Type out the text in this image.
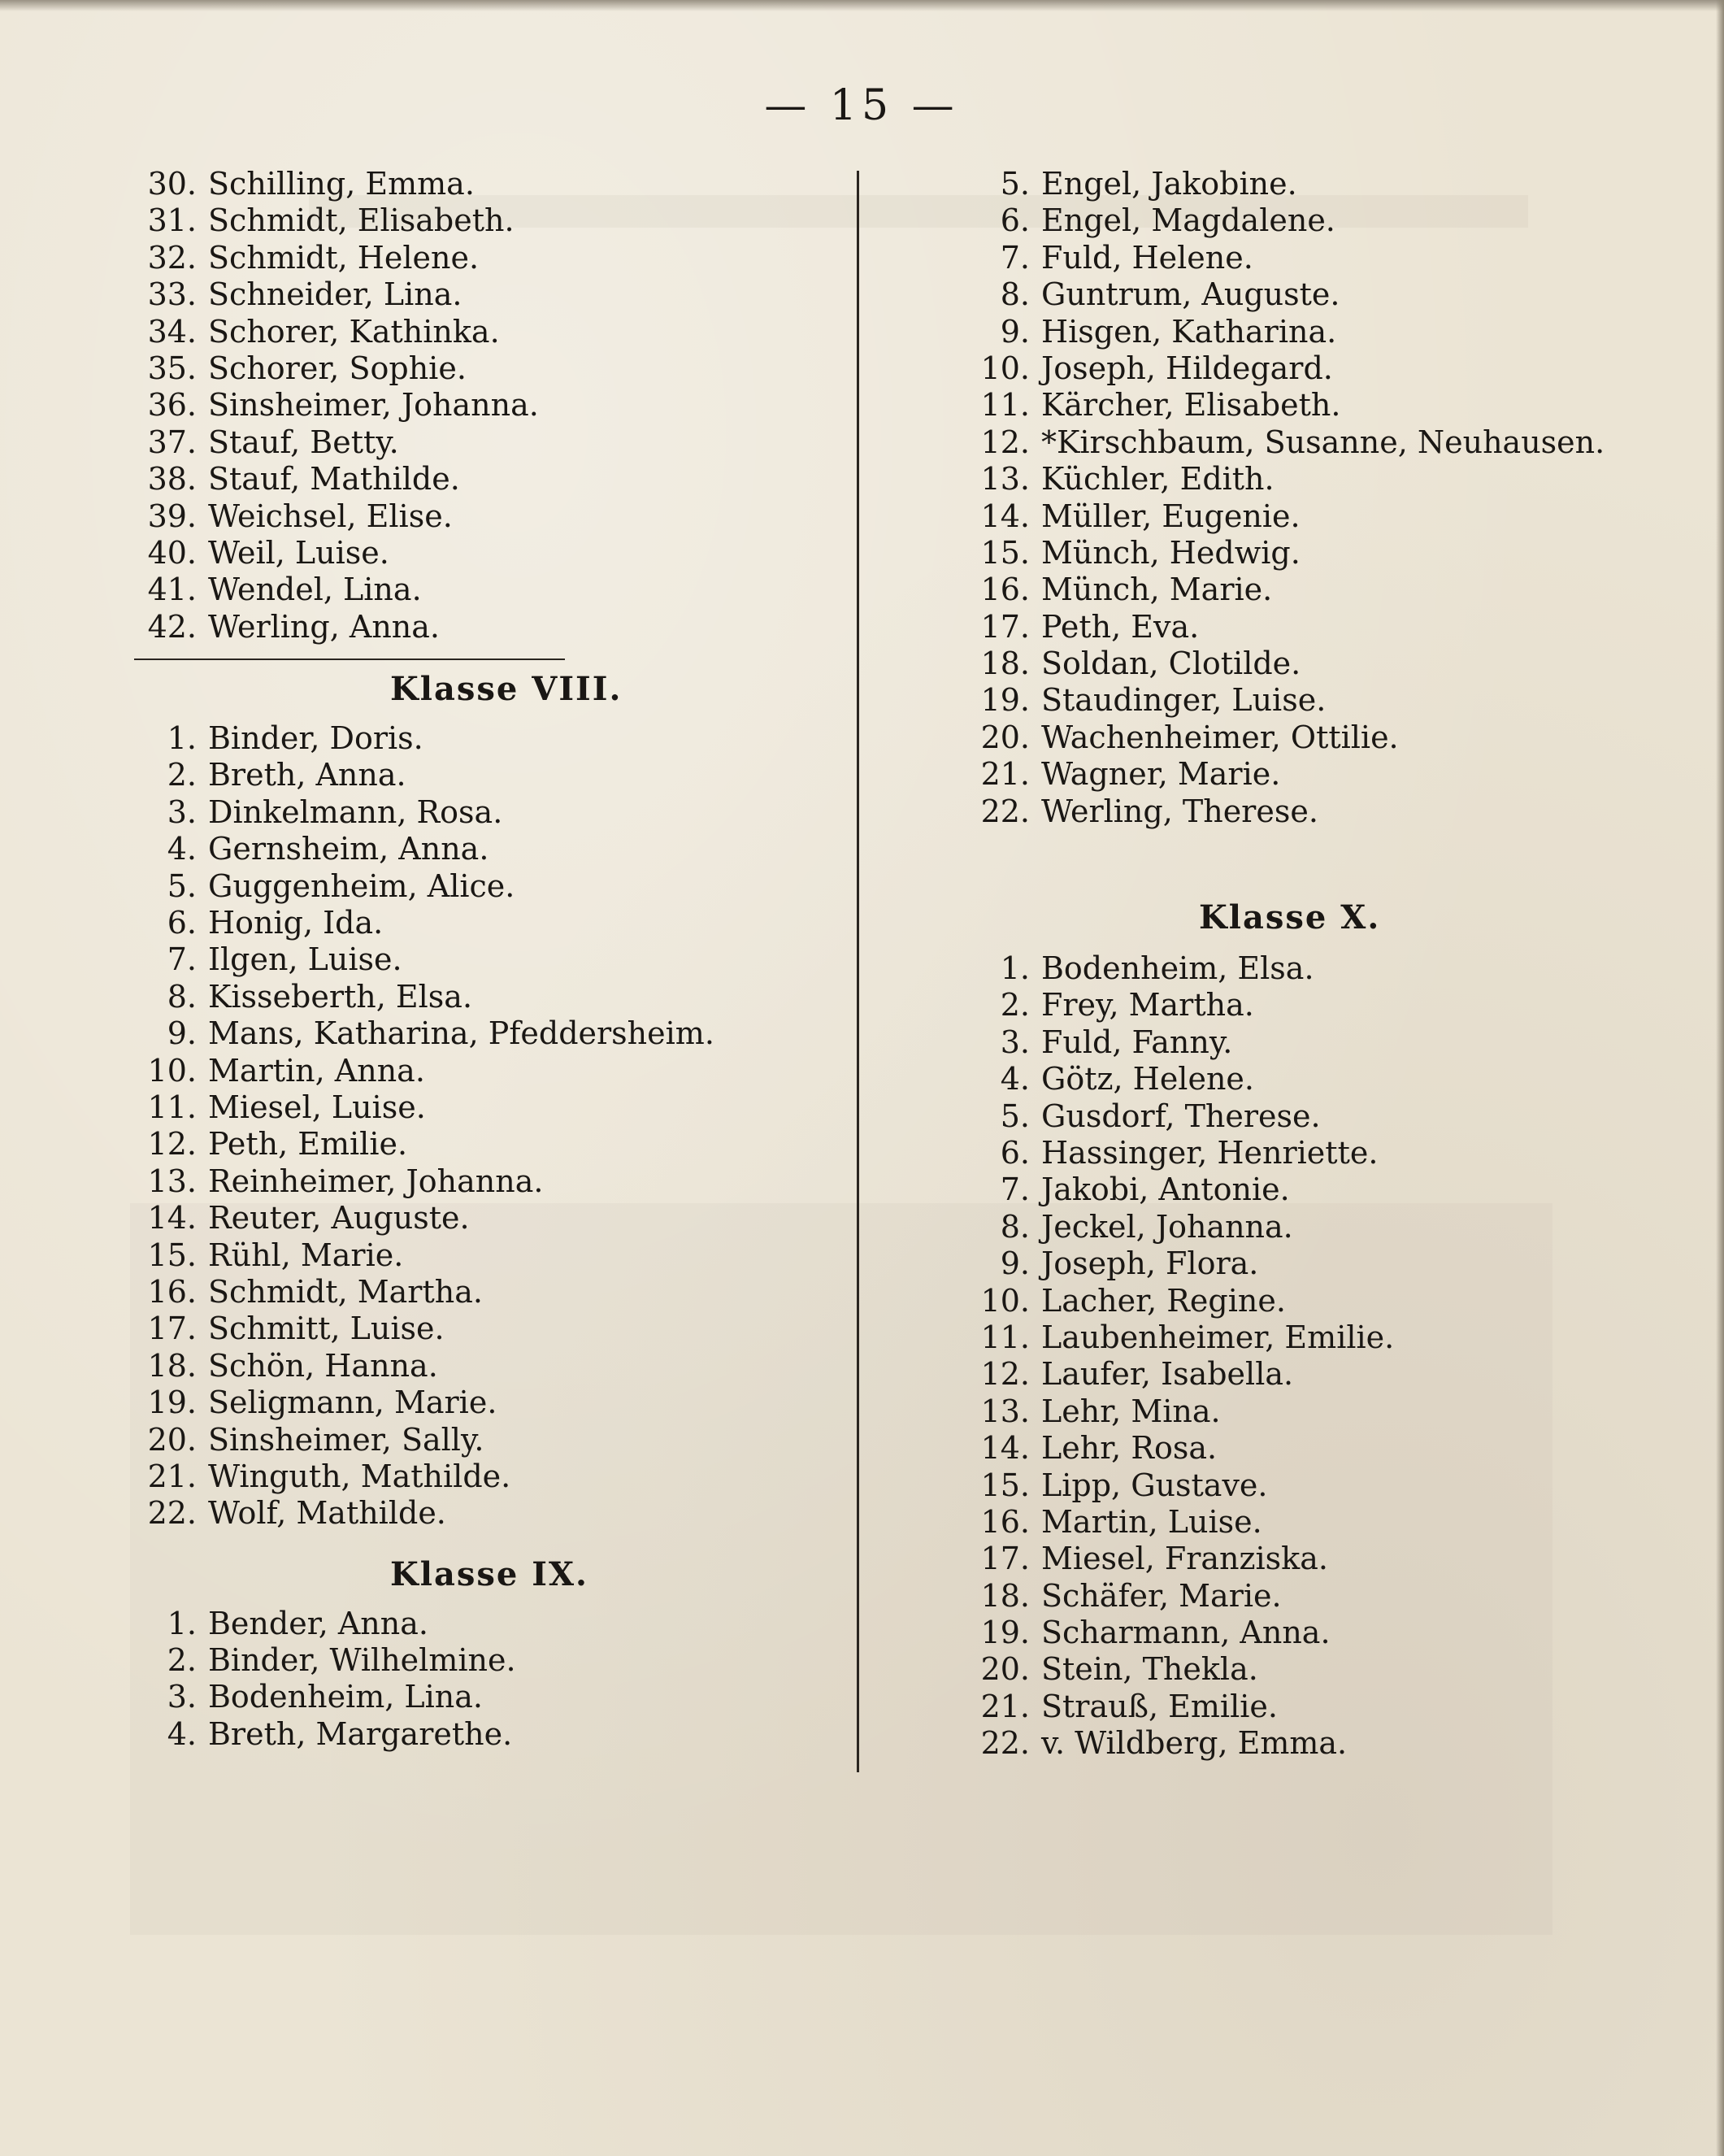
— 15 —
30. Schilling, Emma.
31. Schmidt, Elisabeth.
32. Schmidt, Helene.
33. Schneider, Lina.
34. Schorer, Kathinka.
35. Schorer, Sophie.
36. Sinsheimer, Johanna.
37. Stauf, Betty.
38. Stauf, Mathilde.
39. Weichsel, Elise.
40. Weil, Luise.
41. Wendel, Lina.
42. Werling, Anna.
Klasse VIII.
1. Binder, Doris.
2. Breth, Anna.
3. Dinkelmann, Rosa.
4. Gernsheim, Anna.
5. Guggenheim, Alice.
6. Honig, Ida.
7. Ilgen, Luise.
8. Kisseberth, Elsa.
9. Mans, Katharina, Pfeddersheim.
10. Martin, Anna.
11. Miesel, Luise.
12. Peth, Emilie.
13. Reinheimer, Johanna.
14. Reuter, Auguste.
15. Rühl, Marie.
16. Schmidt, Martha.
17. Schmitt, Luise.
18. Schön, Hanna.
19. Seligmann, Marie.
20. Sinsheimer, Sally.
21. Winguth, Mathilde.
22. Wolf, Mathilde.
Klasse IX.
1. Bender, Anna.
2. Binder, Wilhelmine.
3. Bodenheim, Lina.
4. Breth, Margarethe.
5. Engel, Jakobine.
6. Engel, Magdalene.
7. Fuld, Helene.
8. Guntrum, Auguste.
9. Hisgen, Katharina.
10. Joseph, Hildegard.
11. Kärcher, Elisabeth.
12. *Kirschbaum, Susanne, Neuhausen.
13. Küchler, Edith.
14. Müller, Eugenie.
15. Münch, Hedwig.
16. Münch, Marie.
17. Peth, Eva.
18. Soldan, Clotilde.
19. Staudinger, Luise.
20. Wachenheimer, Ottilie.
21. Wagner, Marie.
22. Werling, Therese.
Klasse X.
1. Bodenheim, Elsa.
2. Frey, Martha.
3. Fuld, Fanny.
4. Götz, Helene.
5. Gusdorf, Therese.
6. Hassinger, Henriette.
7. Jakobi, Antonie.
8. Jeckel, Johanna.
9. Joseph, Flora.
10. Lacher, Regine.
11. Laubenheimer, Emilie.
12. Laufer, Isabella.
13. Lehr, Mina.
14. Lehr, Rosa.
15. Lipp, Gustave.
16. Martin, Luise.
17. Miesel, Franziska.
18. Schäfer, Marie.
19. Scharmann, Anna.
20. Stein, Thekla.
21. Strauß, Emilie.
22. v. Wildberg, Emma.
